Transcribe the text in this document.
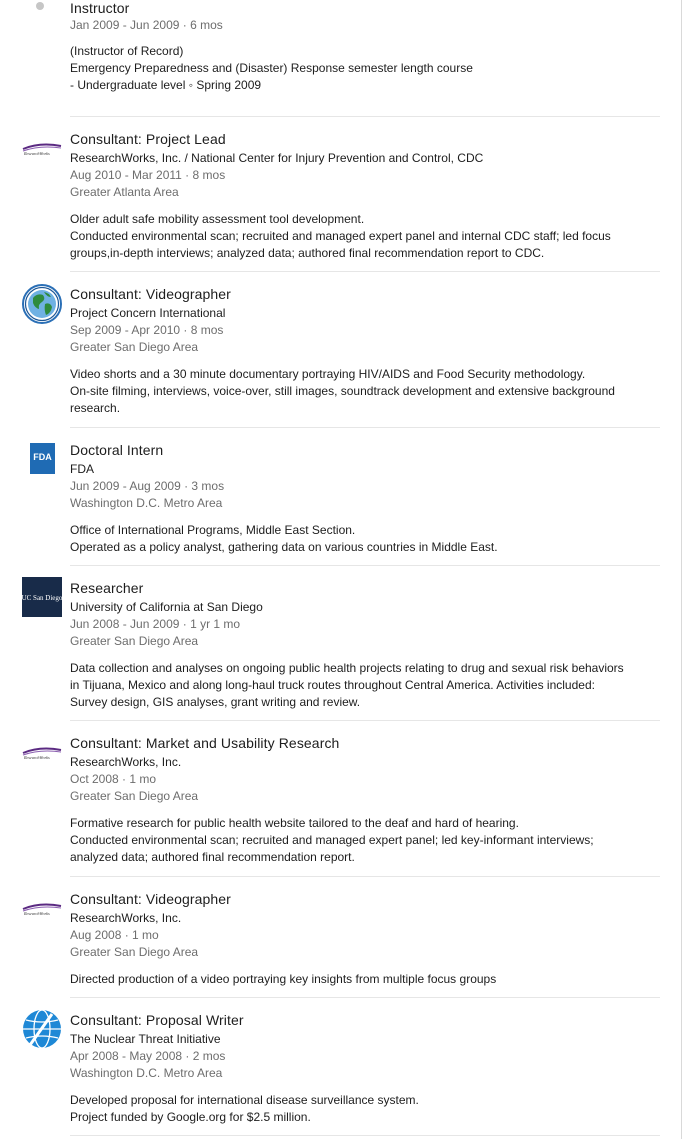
Instructor
Jan 2009 - Jun 2009 · 6 mos
(Instructor of Record)
Emergency Preparedness and (Disaster) Response semester length course
- Undergraduate level ◦ Spring 2009
ResearchWorks
Consultant: Project Lead
ResearchWorks, Inc. / National Center for Injury Prevention and Control, CDC
Aug 2010 - Mar 2011 · 8 mos
Greater Atlanta Area
Older adult safe mobility assessment tool development.
Conducted environmental scan; recruited and managed expert panel and internal CDC staff; led focus
groups,in-depth interviews; analyzed data; authored final recommendation report to CDC.
Consultant: Videographer
Project Concern International
Sep 2009 - Apr 2010 · 8 mos
Greater San Diego Area
Video shorts and a 30 minute documentary portraying HIV/AIDS and Food Security methodology.
On-site filming, interviews, voice-over, still images, soundtrack development and extensive background
research.
FDA Doctoral Intern
FDA
Jun 2009 - Aug 2009 · 3 mos
Washington D.C. Metro Area
Office of International Programs, Middle East Section.
Operated as a policy analyst, gathering data on various countries in Middle East.
UC San Diego
Researcher
University of California at San Diego
Jun 2008 - Jun 2009 · 1 yr 1 mo
Greater San Diego Area
Data collection and analyses on ongoing public health projects relating to drug and sexual risk behaviors
in Tijuana, Mexico and along long-haul truck routes throughout Central America. Activities included:
Survey design, GIS analyses, grant writing and review.
ResearchWorks
Consultant: Market and Usability Research
ResearchWorks, Inc.
Oct 2008 · 1 mo
Greater San Diego Area
Formative research for public health website tailored to the deaf and hard of hearing.
Conducted environmental scan; recruited and managed expert panel; led key-informant interviews;
analyzed data; authored final recommendation report.
ResearchWorks
Consultant: Videographer
ResearchWorks, Inc.
Aug 2008 · 1 mo
Greater San Diego Area
Directed production of a video portraying key insights from multiple focus groups
Consultant: Proposal Writer
The Nuclear Threat Initiative
Apr 2008 - May 2008 · 2 mos
Washington D.C. Metro Area
Developed proposal for international disease surveillance system.
Project funded by Google.org for $2.5 million.
